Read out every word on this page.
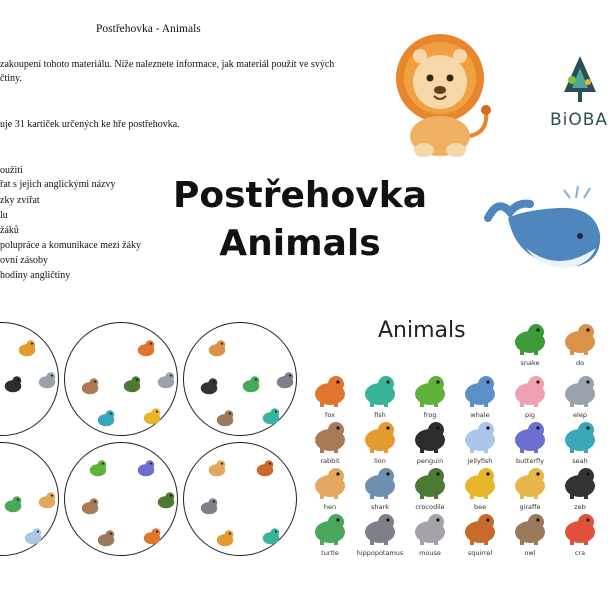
Postřehovka - Animals
zakoupení tohoto materiálu. Níže naleznete informace, jak materiál použít ve svých
čtiny.
uje 31 kartiček určených ke hře postřehovka.
oužití
řat s jejich anglickými názvy
zky zvířat
lu
žáků
polupráce a komunikace mezi žáky
ovní zásoby
hodiny angličtiny
Postřehovka
Animals
BiOBA
Animals
snake	do
fox	fish	frog	whale	pig	elep
rabbit	lion	penguin	jellyfish	butterfly	seah
hen	shark	crocodile	bee	giraffe	zeb
turtle	hippopotamus	mouse	squirrel	owl	cra
